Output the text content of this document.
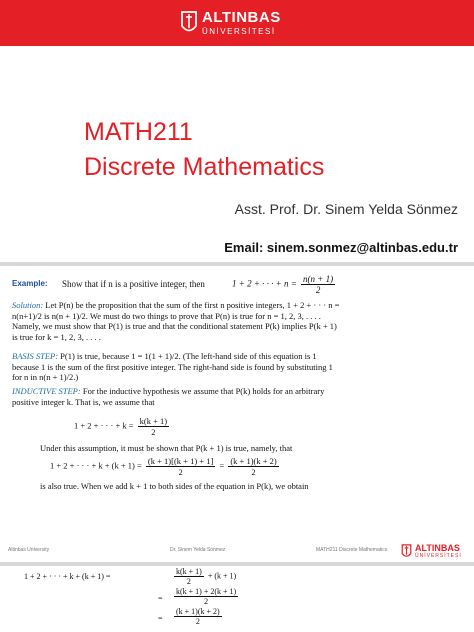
ALTINBAS
ÜNİVERSİTESİ
MATH211
Discrete Mathematics
Asst. Prof. Dr. Sinem Yelda Sönmez
Email: sinem.sonmez@altinbas.edu.tr
Example: Show that if n is a positive integer, then	1 + 2 + · · · + $n = \frac{n(n + 1)}{2}$
Solution: Let P(n) be the proposition that the sum of the first n positive integers, 1 + 2 + · · · n =
n(n+1)/2 is n(n + 1)/2. We must do two things to prove that P(n) is true for n = 1, 2, 3, . . . .
Namely, we must show that P(1) is true and that the conditional statement P(k) implies P(k + 1)
is true for k = 1, 2, 3, . . . .
BASIS STEP: P(1) is true, because 1 = 1(1 + 1)/2. (The left-hand side of this equation is 1
because 1 is the sum of the first positive integer. The right-hand side is found by substituting 1
for n in n(n + 1)/2.)
INDUCTIVE STEP: For the inductive hypothesis we assume that P(k) holds for an arbitrary
positive integer k. That is, we assume that
1 + 2 + · · · + $k = \frac{k(k + 1)}{2}$
Under this assumption, it must be shown that P(k + 1) is true, namely, that
1 + 2 + · · · + $k + (k + 1) = \frac{(k + 1)[(k + 1) + 1]}{2} = \frac{(k + 1)(k + 2)}{2}$
is also true. When we add k + 1 to both sides of the equation in P(k), we obtain
Altinbas University	Dr. Sinem Yelda Sönmez	MATH211 Discrete Mathematics	ALTINBAS
ÜNİVERSİTESİ
1 + 2 + · · · + k + (k + 1) =	$\frac{k(k + 1)}{2} + (k + 1)$
= $\frac{k(k + 1) + 2(k + 1)}{2}$
= $\frac{(k + 1)(k + 2)}{2}$
